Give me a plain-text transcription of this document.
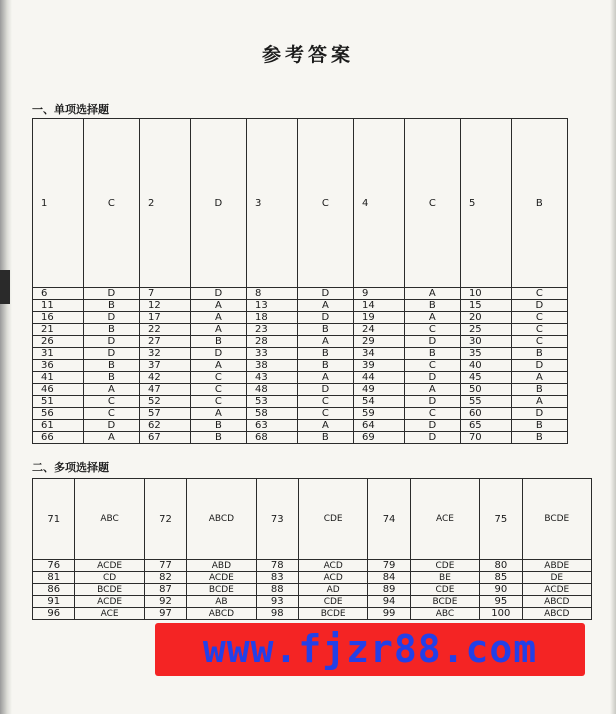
参考答案
一、单项选择题
1	C	2	D	3	C	4	C	5	B
6	D	7	D	8	D	9	A	10	C
11	B	12	A	13	A	14	B	15	D
16	D	17	A	18	D	19	A	20	C
21	B	22	A	23	B	24	C	25	C
26	D	27	B	28	A	29	D	30	C
31	D	32	D	33	B	34	B	35	B
36	B	37	A	38	B	39	C	40	D
41	B	42	C	43	A	44	D	45	A
46	A	47	C	48	D	49	A	50	B
51	C	52	C	53	C	54	D	55	A
56	C	57	A	58	C	59	C	60	D
61	D	62	B	63	A	64	D	65	B
66	A	67	B	68	B	69	D	70	B
二、多项选择题
71	ABC	72	ABCD	73	CDE	74	ACE	75	BCDE
76	ACDE	77	ABD	78	ACD	79	CDE	80	ABDE
81	CD	82	ACDE	83	ACD	84	BE	85	DE
86	BCDE	87	BCDE	88	AD	89	CDE	90	ACDE
91	ACDE	92	AB	93	CDE	94	BCDE	95	ABCD
96	ACE	97	ABCD	98	BCDE	99	ABC	100	ABCD
www.fjzr88.com
